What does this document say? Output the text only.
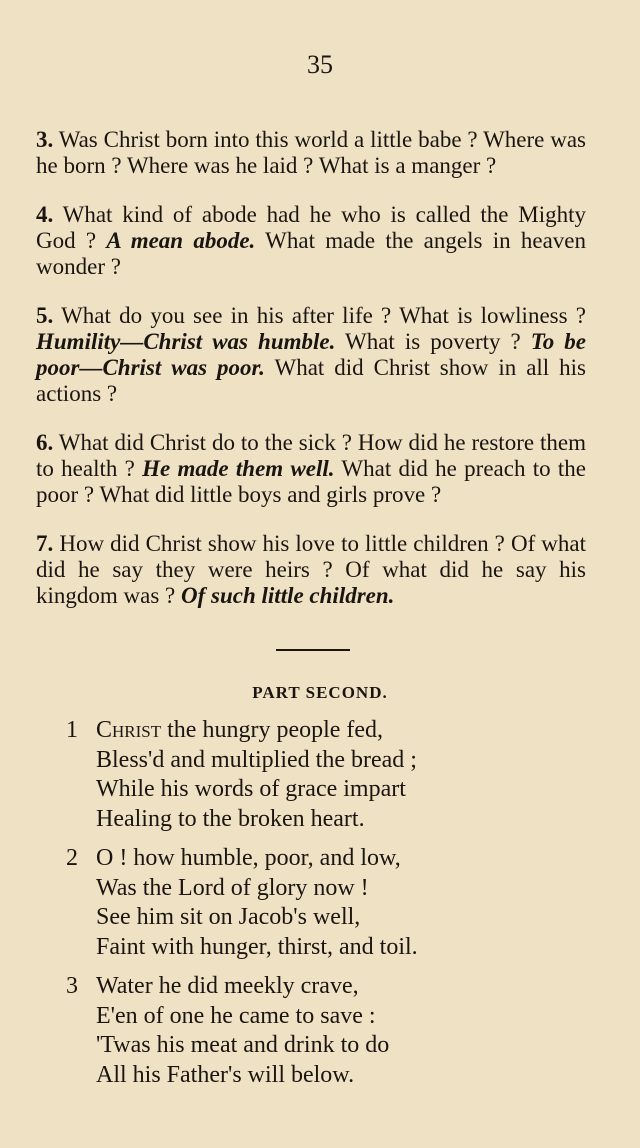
35

3. Was Christ born into this world a little babe ? Where was he born ? Where was he laid ? What is a manger ?

4. What kind of abode had he who is called the Mighty God ? A mean abode. What made the angels in heaven wonder ?

5. What do you see in his after life ? What is lowliness ? Humility—Christ was humble. What is poverty ? To be poor—Christ was poor. What did Christ show in all his actions ?

6. What did Christ do to the sick ? How did he restore them to health ? He made them well. What did he preach to the poor ? What did little boys and girls prove ?

7. How did Christ show his love to little children ? Of what did he say they were heirs ? Of what did he say his kingdom was ? Of such little children.

PART SECOND.
1 Christ the hungry people fed,
Bless'd and multiplied the bread ;
While his words of grace impart
Healing to the broken heart.
2 O ! how humble, poor, and low,
Was the Lord of glory now !
See him sit on Jacob's well,
Faint with hunger, thirst, and toil.
3 Water he did meekly crave,
E'en of one he came to save :
'Twas his meat and drink to do
All his Father's will below.
